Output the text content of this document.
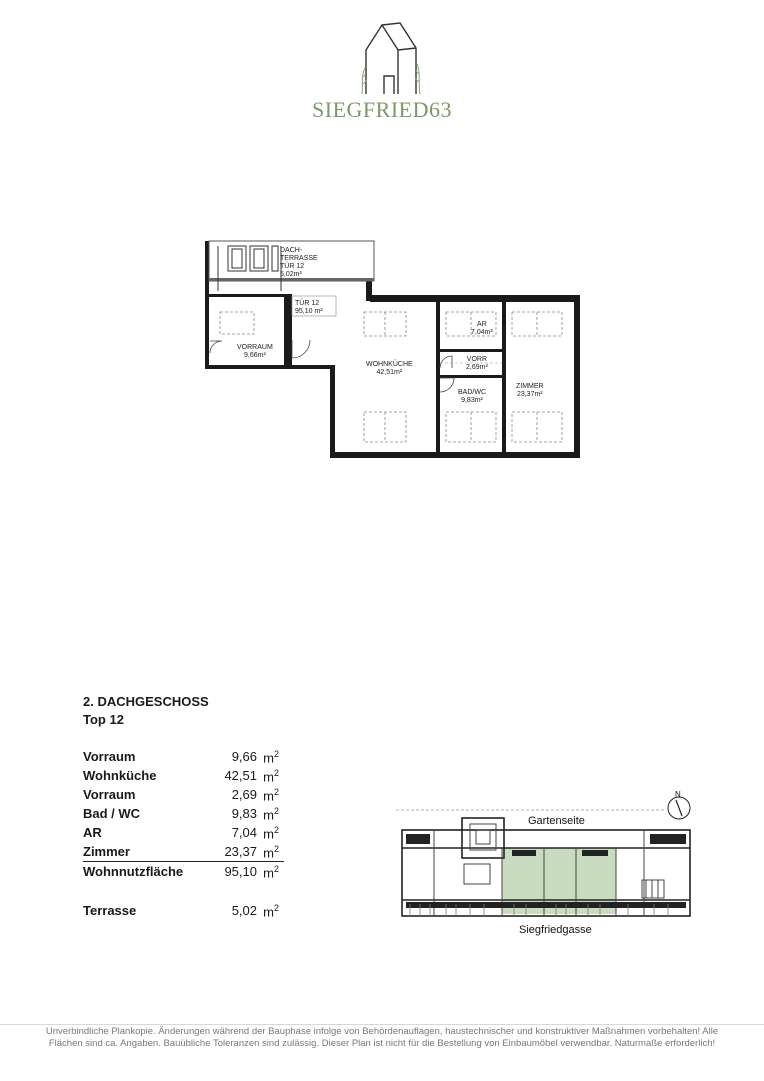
SIEGFRIED63
DACH-
TERRASSE
TÜR 12
5,02m²
TÜR 12
95,10 m²
VORRAUM
9,66m²
WOHNKÜCHE
42,51m²
AR
7,04m²
VORR
2,69m²
BAD/WC
9,83m²
ZIMMER
23,37m²
2. DACHGESCHOSS
Top 12
Vorraum	9,66 $m^2$
Wohnküche	42,51 $m^2$
Vorraum	2,69 $m^2$
Bad / WC	9,83 $m^2$
AR	7,04 $m^2$
Zimmer	23,37 $m^2$
Wohnnutzfläche	95,10 $m^2$
Terrasse	5,02 $m^2$
N
Gartenseite
Siegfriedgasse
Unverbindliche Plankopie. Änderungen während der Bauphase infolge von Behördenauflagen, haustechnischer und konstruktiver Maßnahmen vorbehalten! Alle Flächen sind ca. Angaben. Bauübliche Toleranzen sind zulässig. Dieser Plan ist nicht für die Bestellung von Einbaumöbel verwendbar. Naturmaße erforderlich!
